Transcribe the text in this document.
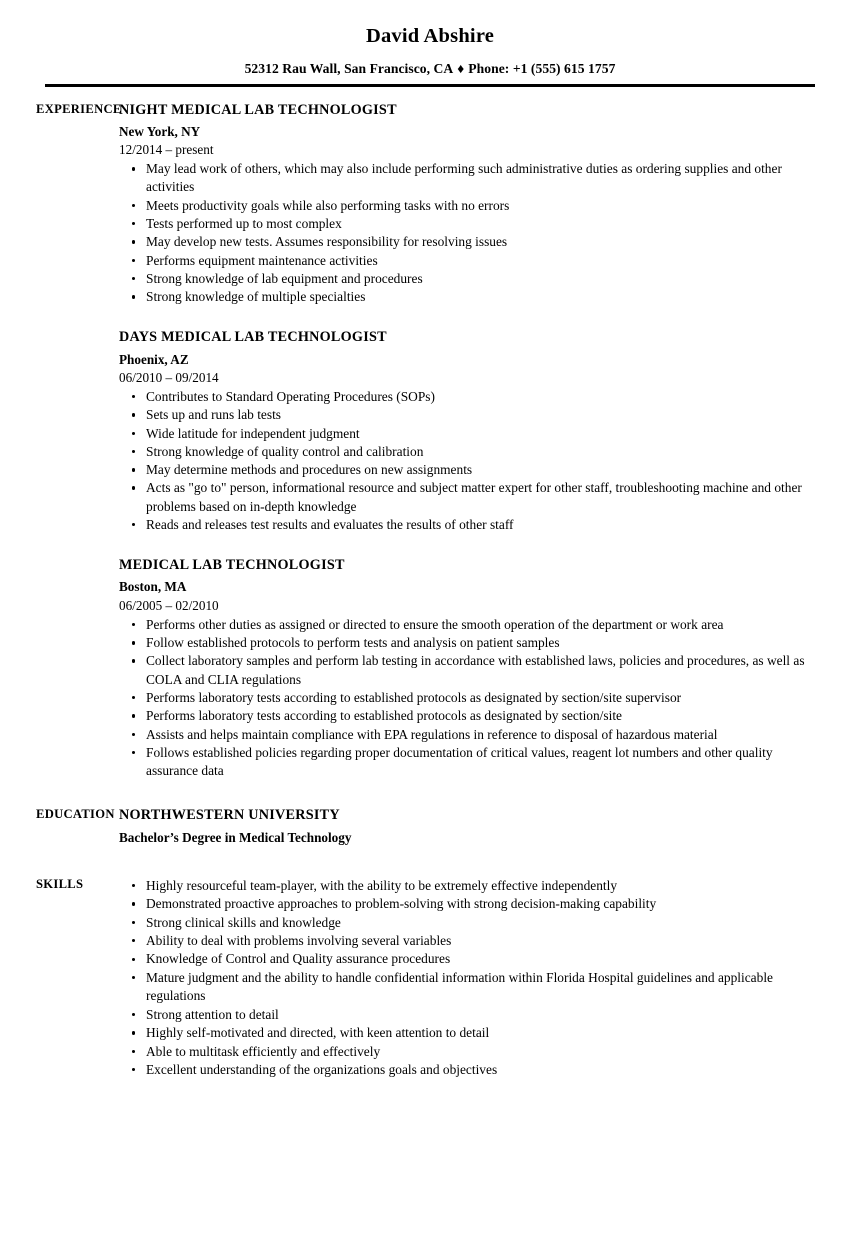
David Abshire
52312 Rau Wall, San Francisco, CA ♦ Phone: +1 (555) 615 1757
EXPERIENCE
NIGHT MEDICAL LAB TECHNOLOGIST
New York, NY
12/2014 – present
May lead work of others, which may also include performing such administrative duties as ordering supplies and other activities
Meets productivity goals while also performing tasks with no errors
Tests performed up to most complex
May develop new tests. Assumes responsibility for resolving issues
Performs equipment maintenance activities
Strong knowledge of lab equipment and procedures
Strong knowledge of multiple specialties
DAYS MEDICAL LAB TECHNOLOGIST
Phoenix, AZ
06/2010 – 09/2014
Contributes to Standard Operating Procedures (SOPs)
Sets up and runs lab tests
Wide latitude for independent judgment
Strong knowledge of quality control and calibration
May determine methods and procedures on new assignments
Acts as "go to" person, informational resource and subject matter expert for other staff, troubleshooting machine and other problems based on in-depth knowledge
Reads and releases test results and evaluates the results of other staff
MEDICAL LAB TECHNOLOGIST
Boston, MA
06/2005 – 02/2010
Performs other duties as assigned or directed to ensure the smooth operation of the department or work area
Follow established protocols to perform tests and analysis on patient samples
Collect laboratory samples and perform lab testing in accordance with established laws, policies and procedures, as well as COLA and CLIA regulations
Performs laboratory tests according to established protocols as designated by section/site supervisor
Performs laboratory tests according to established protocols as designated by section/site
Assists and helps maintain compliance with EPA regulations in reference to disposal of hazardous material
Follows established policies regarding proper documentation of critical values, reagent lot numbers and other quality assurance data
EDUCATION NORTHWESTERN UNIVERSITY
Bachelor’s Degree in Medical Technology
SKILLS	Highly resourceful team-player, with the ability to be extremely effective independently
Demonstrated proactive approaches to problem-solving with strong decision-making capability
Strong clinical skills and knowledge
Ability to deal with problems involving several variables
Knowledge of Control and Quality assurance procedures
Mature judgment and the ability to handle confidential information within Florida Hospital guidelines and applicable regulations
Strong attention to detail
Highly self-motivated and directed, with keen attention to detail
Able to multitask efficiently and effectively
Excellent understanding of the organizations goals and objectives
